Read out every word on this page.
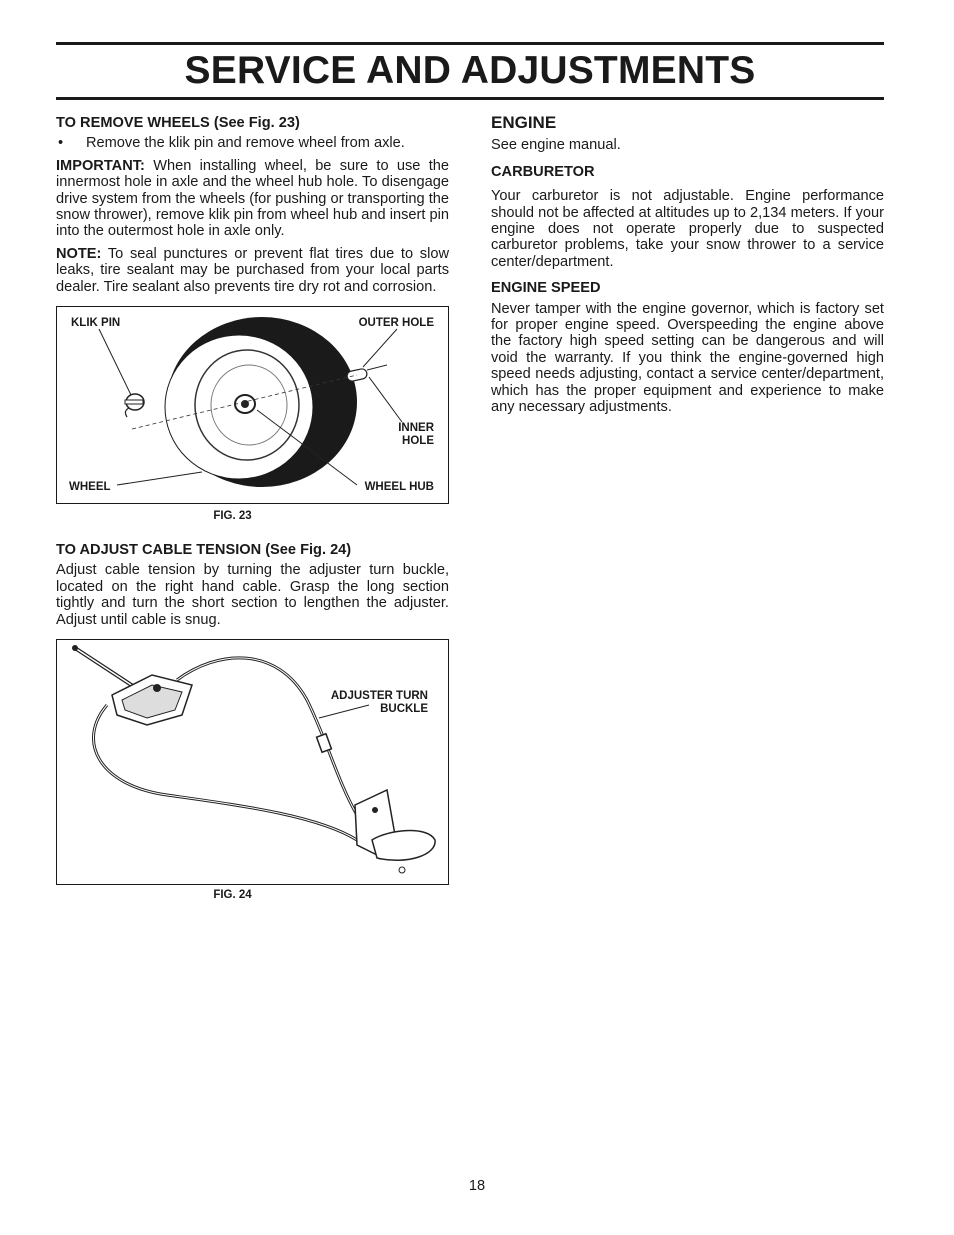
SERVICE AND ADJUSTMENTS
TO REMOVE WHEELS (See Fig. 23)
•	Remove the klik pin and remove wheel from axle.

IMPORTANT: When installing wheel, be sure to use the innermost hole in axle and the wheel hub hole. To disengage drive system from the wheels (for pushing or transporting the snow thrower), remove klik pin from wheel hub and insert pin into the outermost hole in axle only.

NOTE: To seal punctures or prevent flat tires due to slow leaks, tire sealant may be purchased from your local parts dealer. Tire sealant also prevents tire dry rot and corrosion.

KLIK PIN	OUTER HOLE
INNER
HOLE
WHEEL	WHEEL HUB
FIG. 23
TO ADJUST CABLE TENSION (See Fig. 24)

Adjust cable tension by turning the adjuster turn buckle, located on the right hand cable. Grasp the long section tightly and turn the short section to lengthen the adjuster. Adjust until cable is snug.

ADJUSTER TURN
BUCKLE
FIG. 24
ENGINE

See engine manual.

CARBURETOR

Your carburetor is not adjustable. Engine performance should not be affected at altitudes up to 2,134 meters. If your engine does not operate properly due to suspected carburetor problems, take your snow thrower to a service center/department.

ENGINE SPEED

Never tamper with the engine governor, which is factory set for proper engine speed. Overspeeding the engine above the factory high speed setting can be dangerous and will void the warranty. If you think the engine-governed high speed needs adjusting, contact a service center/department, which has the proper equipment and experience to make any necessary adjustments.

18
